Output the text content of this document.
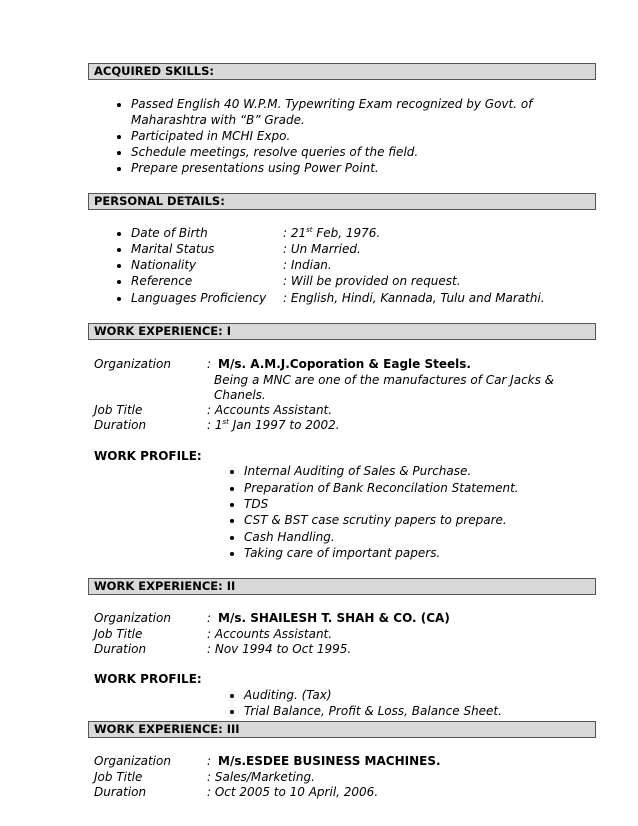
ACQUIRED SKILLS:
Passed English 40 W.P.M. Typewriting Exam recognized by Govt. of
Maharashtra with “B” Grade.
Participated in MCHI Expo.
Schedule meetings, resolve queries of the field.
Prepare presentations using Power Point.
PERSONAL DETAILS:
Date of Birth	: 21st Feb, 1976.
Marital Status	: Un Married.
Nationality	: Indian.
Reference	: Will be provided on request.
Languages Proficiency : English, Hindi, Kannada, Tulu and Marathi.
WORK EXPERIENCE: I
Organization	: M/s. A.M.J.Coporation & Eagle Steels.
Being a MNC are one of the manufactures of Car Jacks &
Chanels.
Job Title	: Accounts Assistant.
Duration	: 1st Jan 1997 to 2002.
WORK PROFILE:
Internal Auditing of Sales & Purchase.
Preparation of Bank Reconcilation Statement.
TDS
CST & BST case scrutiny papers to prepare.
Cash Handling.
Taking care of important papers.
WORK EXPERIENCE: II
Organization	: M/s. SHAILESH T. SHAH & CO. (CA)
Job Title	: Accounts Assistant.
Duration	: Nov 1994 to Oct 1995.
WORK PROFILE:
Auditing. (Tax)
Trial Balance, Profit & Loss, Balance Sheet.
WORK EXPERIENCE: III
Organization	: M/s.ESDEE BUSINESS MACHINES.
Job Title	: Sales/Marketing.
Duration	: Oct 2005 to 10 April, 2006.
